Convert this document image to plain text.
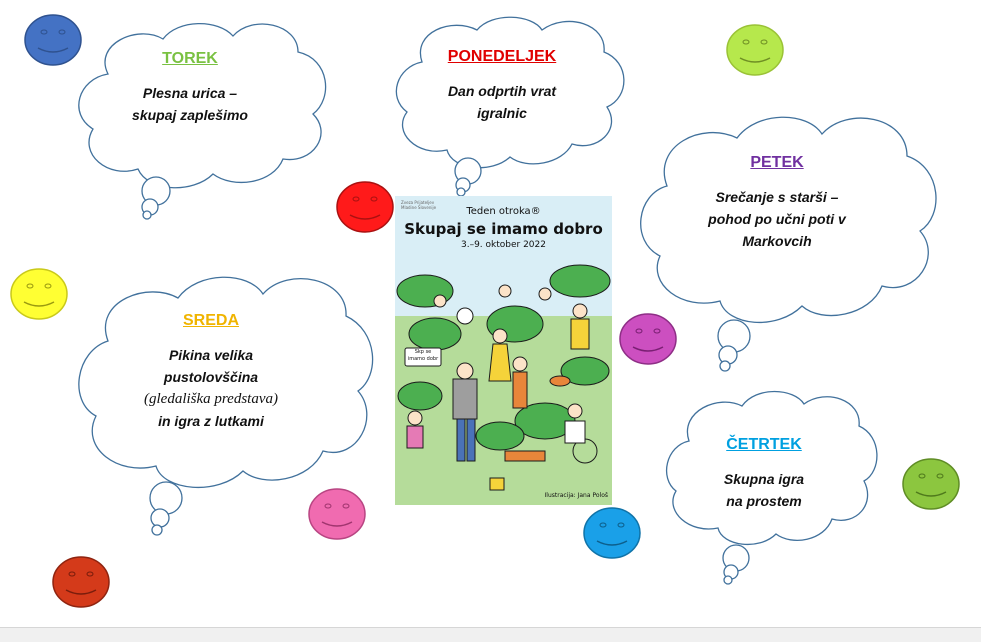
TOREK
Plesna urica –
skupaj zaplešimo
PONEDELJEK
Dan odprtih vrat
igralnic
PETEK
Srečanje s starši –
pohod po učni poti v
Markovcih
SREDA
Pikina velika
pustolovščina
(gledališka predstava)
in igra z lutkami
ČETRTEK
Skupna igra
na prostem
Teden otroka®
Skupaj se imamo dobro
3.–9. oktober 2022
Skp se imamo dobr
Ilustracija: Jana Pološ
Zveza Prijateljev Mladine Slovenije
